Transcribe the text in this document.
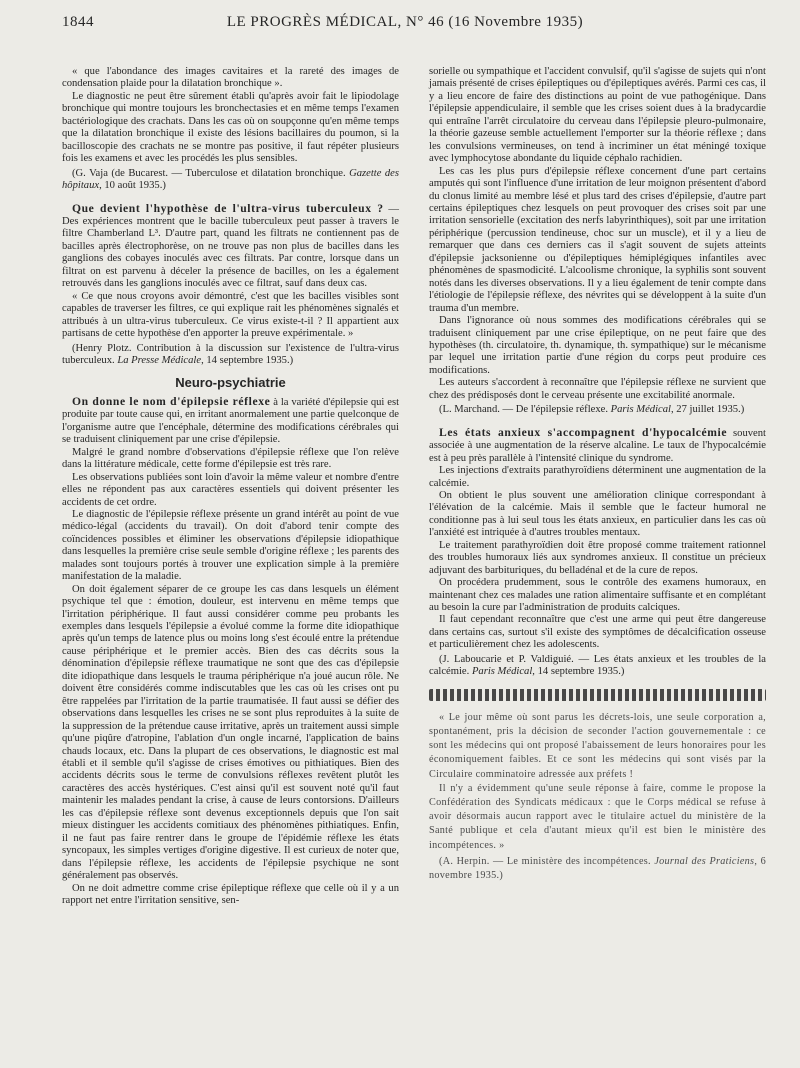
1844	LE PROGRÈS MÉDICAL, N° 46 (16 Novembre 1935)

« que l'abondance des images cavitaires et la rareté des images de condensation plaide pour la dilatation bronchique ».

Le diagnostic ne peut être sûrement établi qu'après avoir fait le lipiodolage bronchique qui montre toujours les bronchectasies et en même temps l'examen bactériologique des crachats. Dans les cas où on soupçonne qu'en même temps que la dilatation bronchique il existe des lésions bacillaires du poumon, si la bacilloscopie des crachats ne se montre pas positive, il faut répéter plusieurs fois les examens et avec les procédés les plus sensibles.

(G. Vaja (de Bucarest. — Tuberculose et dilatation bronchique. Gazette des hôpitaux, 10 août 1935.)

Que devient l'hypothèse de l'ultra-virus tuberculeux ? — Des expériences montrent que le bacille tuberculeux peut passer à travers le filtre Chamberland L³. D'autre part, quand les filtrats ne contiennent pas de bacilles après électrophorèse, on ne trouve pas non plus de bacilles dans les ganglions des cobayes inoculés avec ces filtrats. Par contre, lorsque dans un filtrat on est parvenu à déceler la présence de bacilles, on les a également retrouvés dans les ganglions inoculés avec ce filtrat, sauf dans deux cas.

« Ce que nous croyons avoir démontré, c'est que les bacilles visibles sont capables de traverser les filtres, ce qui explique rait les phénomènes signalés et attribués à un ultra-virus tuberculeux. Ce virus existe-t-il ? Il appartient aux partisans de cette hypothèse d'en apporter la preuve expérimentale. »

(Henry Plotz. Contribution à la discussion sur l'existence de l'ultra-virus tuberculeux. La Presse Médicale, 14 septembre 1935.)

Neuro-psychiatrie

On donne le nom d'épilepsie réflexe à la variété d'épilepsie qui est produite par toute cause qui, en irritant anormalement une partie quelconque de l'organisme autre que l'encéphale, détermine des modifications cérébrales qui se traduisent cliniquement par une crise d'épilepsie.

Malgré le grand nombre d'observations d'épilepsie réflexe que l'on relève dans la littérature médicale, cette forme d'épilepsie est très rare.

Les observations publiées sont loin d'avoir la même valeur et nombre d'entre elles ne répondent pas aux caractères essentiels qui doivent présenter les accidents de cet ordre.

Le diagnostic de l'épilepsie réflexe présente un grand intérêt au point de vue médico-légal (accidents du travail). On doit d'abord tenir compte des coïncidences possibles et éliminer les observations d'épilepsie idiopathique dans lesquelles la première crise seule semble d'origine réflexe ; les parents des malades sont toujours portés à trouver une explication simple à la première manifestation de la maladie.

On doit également séparer de ce groupe les cas dans lesquels un élément psychique tel que : émotion, douleur, est intervenu en même temps que l'irritation périphérique. Il faut aussi considérer comme peu probants les exemples dans lesquels l'épilepsie a évolué comme la forme dite idiopathique après qu'un temps de latence plus ou moins long s'est écoulé entre la prétendue cause périphérique et le premier accès. Bien des cas décrits sous la dénomination d'épilepsie réflexe traumatique ne sont que des cas d'épilepsie dite idiopathique dans lesquels le trauma périphérique n'a joué aucun rôle. Ne doivent être considérés comme indiscutables que les cas où les crises ont pu être rappelées par l'irritation de la partie traumatisée. Il faut aussi se défier des observations dans lesquelles les crises ne se sont plus reproduites à la suite de la suppression de la prétendue cause irritative, après un traitement aussi simple qu'une piqûre d'atropine, l'ablation d'un ongle incarné, l'application de bains chauds locaux, etc. Dans la plupart de ces observations, le diagnostic est mal établi et il semble qu'il s'agisse de crises émotives ou pithiatiques. Bien des accidents décrits sous le terme de convulsions réflexes revêtent plutôt les caractères des accès hystériques. C'est ainsi qu'il est souvent noté qu'il faut maintenir les malades pendant la crise, à cause de leurs contorsions. D'ailleurs les cas d'épilepsie réflexe sont devenus exceptionnels depuis que l'on sait mieux distinguer les accidents comitiaux des phénomènes pithiatiques. Enfin, il ne faut pas faire rentrer dans le groupe de l'épidémie réflexe les états syncopaux, les simples vertiges d'origine digestive. Il est curieux de noter que, dans l'épilepsie réflexe, les accidents de l'épilepsie psychique ne sont généralement pas observés.

On ne doit admettre comme crise épileptique réflexe que celle où il y a un rapport net entre l'irritation sensitive, sen-

sorielle ou sympathique et l'accident convulsif, qu'il s'agisse de sujets qui n'ont jamais présenté de crises épileptiques ou d'épileptiques avérés. Parmi ces cas, il y a lieu encore de faire des distinctions au point de vue pathogénique. Dans l'épilepsie appendiculaire, il semble que les crises soient dues à la bradycardie qui entraîne l'arrêt circulatoire du cerveau dans l'épilepsie pleuro-pulmonaire, la théorie gazeuse semble actuellement l'emporter sur la théorie réflexe ; dans les convulsions vermineuses, on tend à incriminer un état méningé toxique avec lymphocytose abondante du liquide céphalo rachidien.

Les cas les plus purs d'épilepsie réflexe concernent d'une part certains amputés qui sont l'influence d'une irritation de leur moignon présentent d'abord du clonus limité au membre lésé et plus tard des crises d'épilepsie, d'autre part certains épileptiques chez lesquels on peut provoquer des crises soit par une irritation sensorielle (excitation des nerfs labyrinthiques), soit par une irritation périphérique (percussion tendineuse, choc sur un muscle), et il y a lieu de remarquer que dans ces derniers cas il s'agit souvent de sujets atteints d'épilepsie jacksonienne ou d'épileptiques hémiplégiques infantiles avec phénomènes de spasmodicité. L'alcoolisme chronique, la syphilis sont souvent notés dans les diverses observations. Il y a lieu également de tenir compte dans l'étiologie de l'épilepsie réflexe, des névrites qui se développent à la suite d'un trauma d'un membre.

Dans l'ignorance où nous sommes des modifications cérébrales qui se traduisent cliniquement par une crise épileptique, on ne peut faire que des hypothèses (th. circulatoire, th. dynamique, th. sympathique) sur le mécanisme par lequel une irritation partie d'une région du corps peut produire ces modifications.

Les auteurs s'accordent à reconnaître que l'épilepsie réflexe ne survient que chez des prédisposés dont le cerveau présente une excitabilité anormale.

(L. Marchand. — De l'épilepsie réflexe. Paris Médical, 27 juillet 1935.)

Les états anxieux s'accompagnent d'hypocalcémie souvent associée à une augmentation de la réserve alcaline. Le taux de l'hypocalcémie est à peu près parallèle à l'intensité clinique du syndrome.

Les injections d'extraits parathyroïdiens déterminent une augmentation de la calcémie.

On obtient le plus souvent une amélioration clinique correspondant à l'élévation de la calcémie. Mais il semble que le facteur humoral ne conditionne pas à lui seul tous les états anxieux, en particulier dans les cas où l'anxiété est intriquée à d'autres troubles mentaux.

Le traitement parathyroïdien doit être proposé comme traitement rationnel des troubles humoraux liés aux syndromes anxieux. Il constitue un précieux adjuvant des barbituriques, du belladénal et de la cure de repos.

On procédera prudemment, sous le contrôle des examens humoraux, en maintenant chez ces malades une ration alimentaire suffisante et en complétant au besoin la cure par l'administration de produits calciques.

Il faut cependant reconnaître que c'est une arme qui peut être dangereuse dans certains cas, surtout s'il existe des symptômes de décalcification osseuse et particulièrement chez les adolescents.

(J. Laboucarie et P. Valdiguié. — Les états anxieux et les troubles de la calcémie. Paris Médical, 14 septembre 1935.)

« Le jour même où sont parus les décrets-lois, une seule corporation a, spontanément, pris la décision de seconder l'action gouvernementale : ce sont les médecins qui ont proposé l'abaissement de leurs honoraires pour les économiquement faibles. Et ce sont les médecins qui sont visés par la Circulaire comminatoire adressée aux préfets !

Il n'y a évidemment qu'une seule réponse à faire, comme le propose la Confédération des Syndicats médicaux : que le Corps médical se refuse à avoir désormais aucun rapport avec le titulaire actuel du ministère de la Santé publique et cela d'autant mieux qu'il est bien le ministère des incompétences. »

(A. Herpin. — Le ministère des incompétences. Journal des Praticiens, 6 novembre 1935.)
